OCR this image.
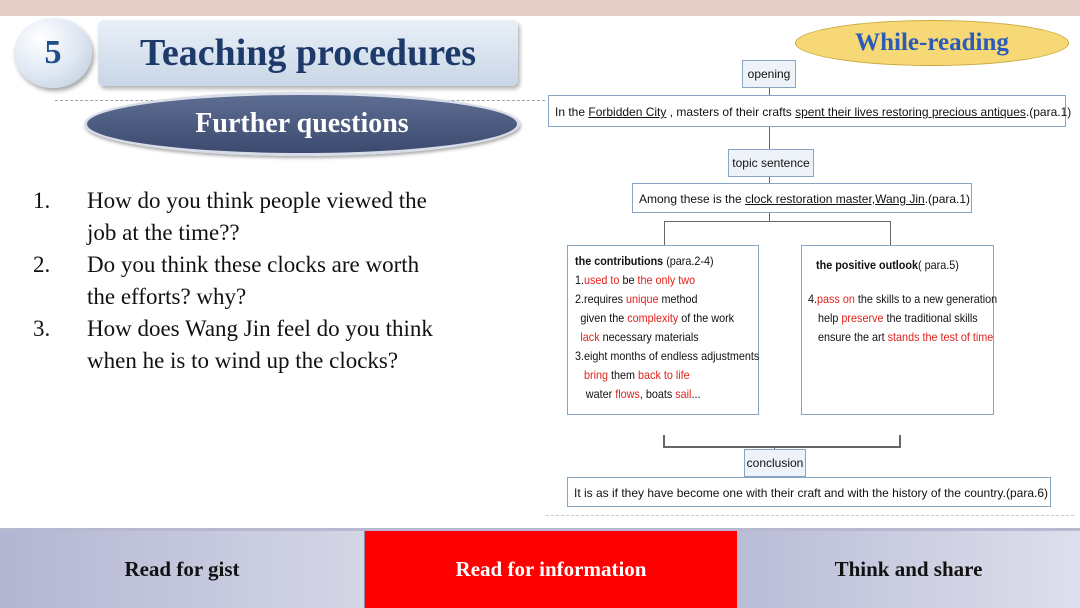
5	Teaching procedures
Further questions
1. How do you think people viewed the
job at the time??
2. Do you think these clocks are worth
the efforts? why?
3. How does Wang Jin feel do you think
when he is to wind up the clocks?
While-reading
opening
In the Forbidden City , masters of their crafts spent their lives restoring precious antiques.(para.1)
topic sentence
Among these is the clock restoration master,Wang Jin.(para.1)
the contributions (para.2-4)
1.used to be the only two
2.requires unique method
given the complexity of the work
lack necessary materials
3.eight months of endless adjustments
bring them back to life
water flows, boats sail...
the positive outlook( para.5)
4.pass on the skills to a new generation
help preserve the traditional skills
ensure the art stands the test of time
conclusion
It is as if they have become one with their craft and with the history of the country.(para.6)
Read for gist	Read for information	Think and share
